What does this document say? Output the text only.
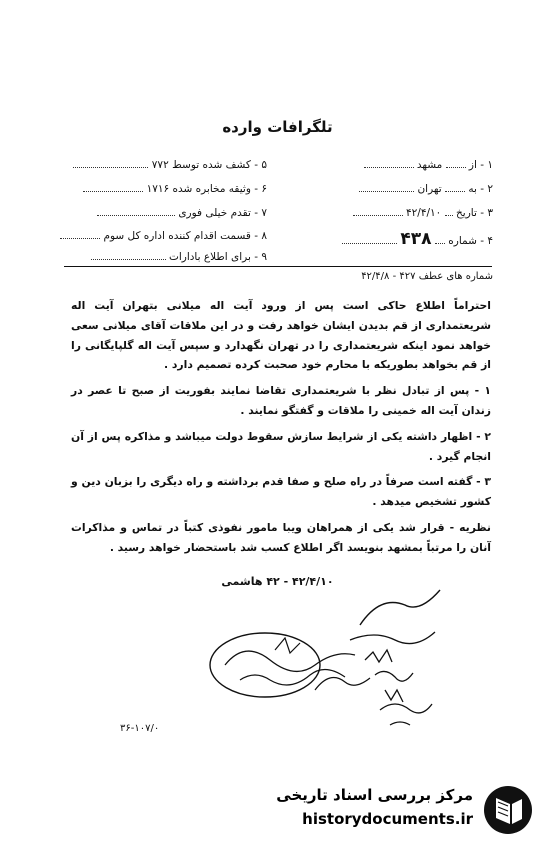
تلگرافات وارده
۱ - از  مشهد
۲ - به  تهران
۳ - تاریخ  ۴۲/۴/۱۰
۴ - شماره  ۴۳۸
۵ - کشف شده توسط ۷۷۲
۶ - وثیقه مخابره شده ۱۷۱۶
۷ - تقدم خیلی فوری
۸ - قسمت اقدام کننده اداره کل سوم
۹ - برای اطلاع بادارات
شماره های عطف ۴۲۷ - ۴۲/۴/۸

احتراماً اطلاع حاکی است پس از ورود آیت اله میلانی بتهران آیت اله شریعتمداری از قم بدیدن ایشان خواهد رفت و در این ملاقات آقای میلانی سعی خواهد نمود اینکه شریعتمداری را در تهران نگهدارد و سپس آیت اله گلپایگانی را از قم بخواهد بطوریکه با محارم خود صحبت کرده تصمیم دارد .

۱ - پس از تبادل نظر با شریعتمداری تقاضا نمایند بفوریت از صبح تا عصر در زندان آیت اله خمینی را ملاقات و گفتگو نمایند .

۲ - اظهار داشته یکی از شرایط سازش سقوط دولت میباشد و مذاکره پس از آن انجام گیرد .

۳ - گفته است صرفاً در راه صلح و صفا قدم برداشته و راه دیگری را بزبان دین و کشور تشخیص میدهد .

نظریه - قرار شد یکی از همراهان ویبا مامور نفوذی کتباً در تماس و مذاکرات آنان را مرتباً بمشهد بنویسد اگر اطلاع کسب شد باستحضار خواهد رسید .

۴۲/۴/۱۰ - ۴۲ هاشمی
۳۶-۱۰۷/۰
مرکز بررسی اسناد تاریخی
historydocuments.ir
